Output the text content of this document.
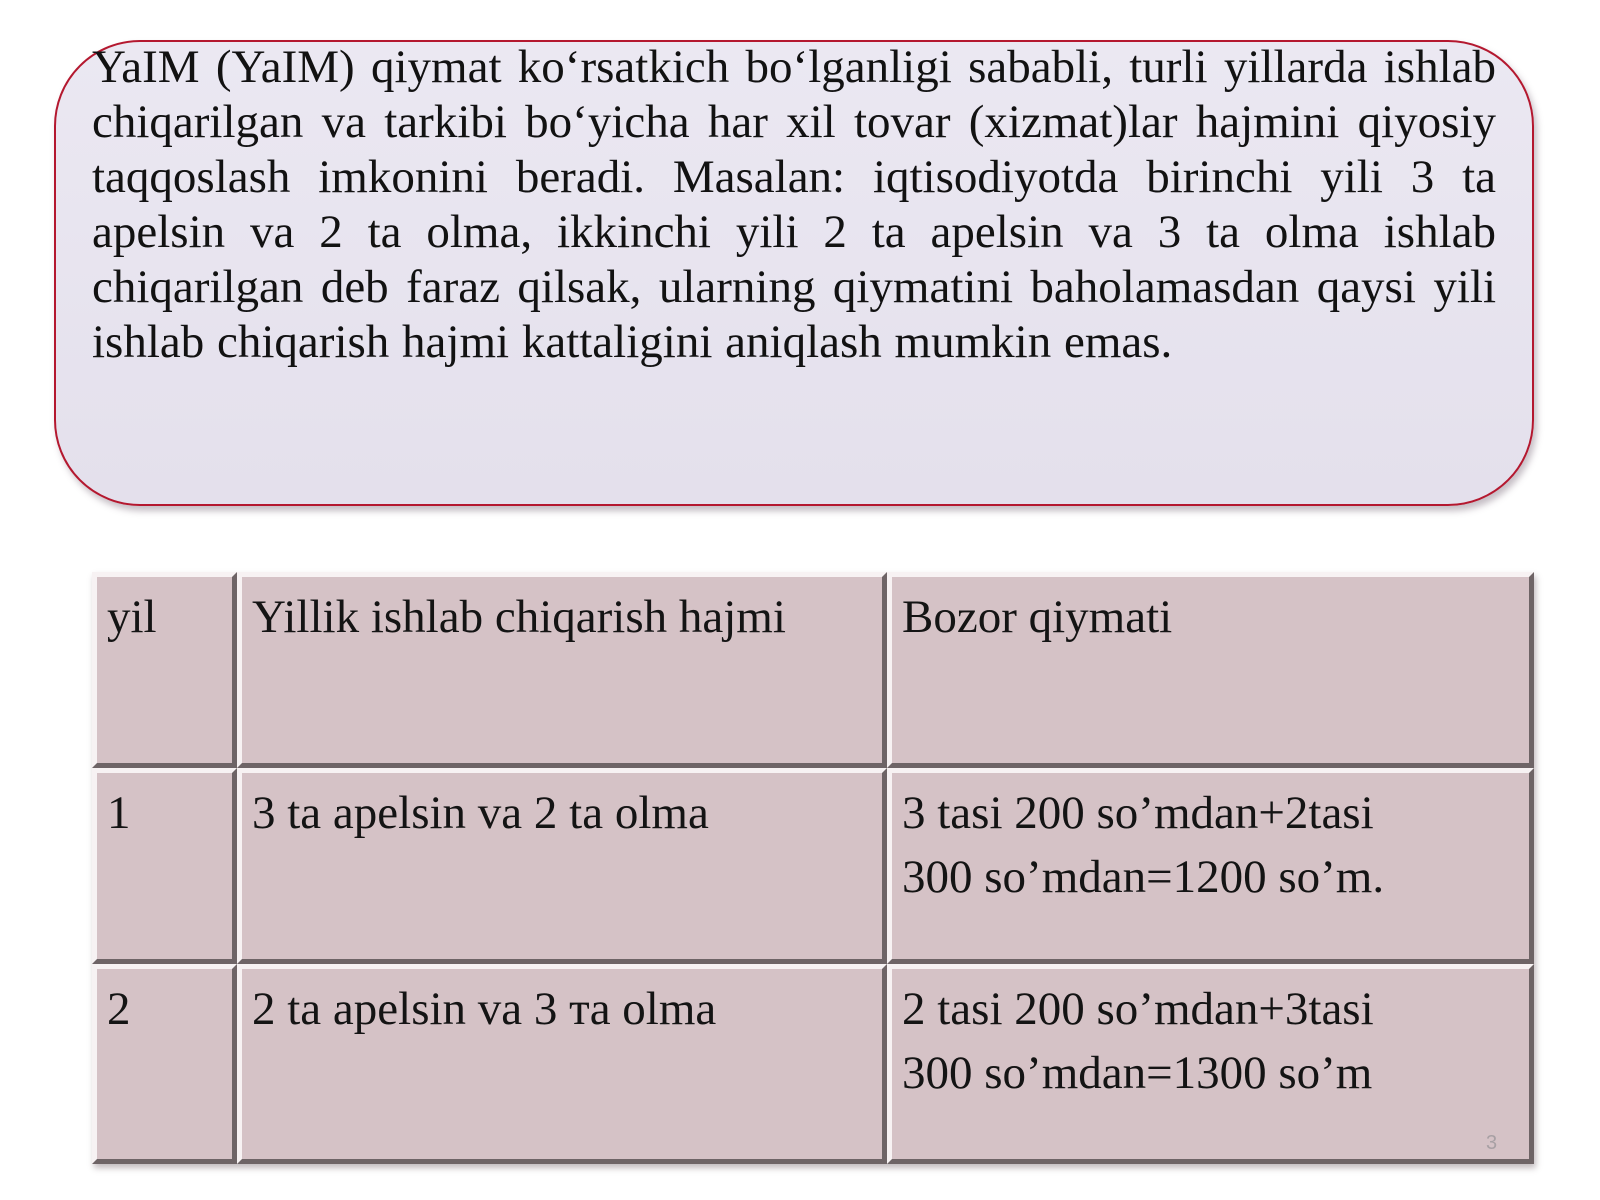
YaIM (YaIM) qiymat ko‘rsatkich bo‘lganligi sababli, turli yillarda ishlab chiqarilgan va tarkibi bo‘yicha har xil tovar (xizmat)lar hajmini qiyosiy taqqoslash imkonini beradi. Masalan: iqtisodiyotda birinchi yili 3 ta apelsin va 2 ta olma, ikkinchi yili 2 ta apelsin va 3 ta olma ishlab chiqarilgan deb faraz qilsak, ularning qiymatini baholamasdan qaysi yili ishlab chiqarish hajmi kattaligini aniqlash mumkin emas.

yil	Yillik ishlab chiqarish hajmi	Bozor qiymati
1	3 ta apelsin va 2 ta olma	3 tasi 200 so’mdan+2tasi
300 so’mdan=1200 so’m.

2	2 ta apelsin va 3 тa olma	2 tasi 200 so’mdan+3tasi
300 so’mdan=1300 so’m
3
